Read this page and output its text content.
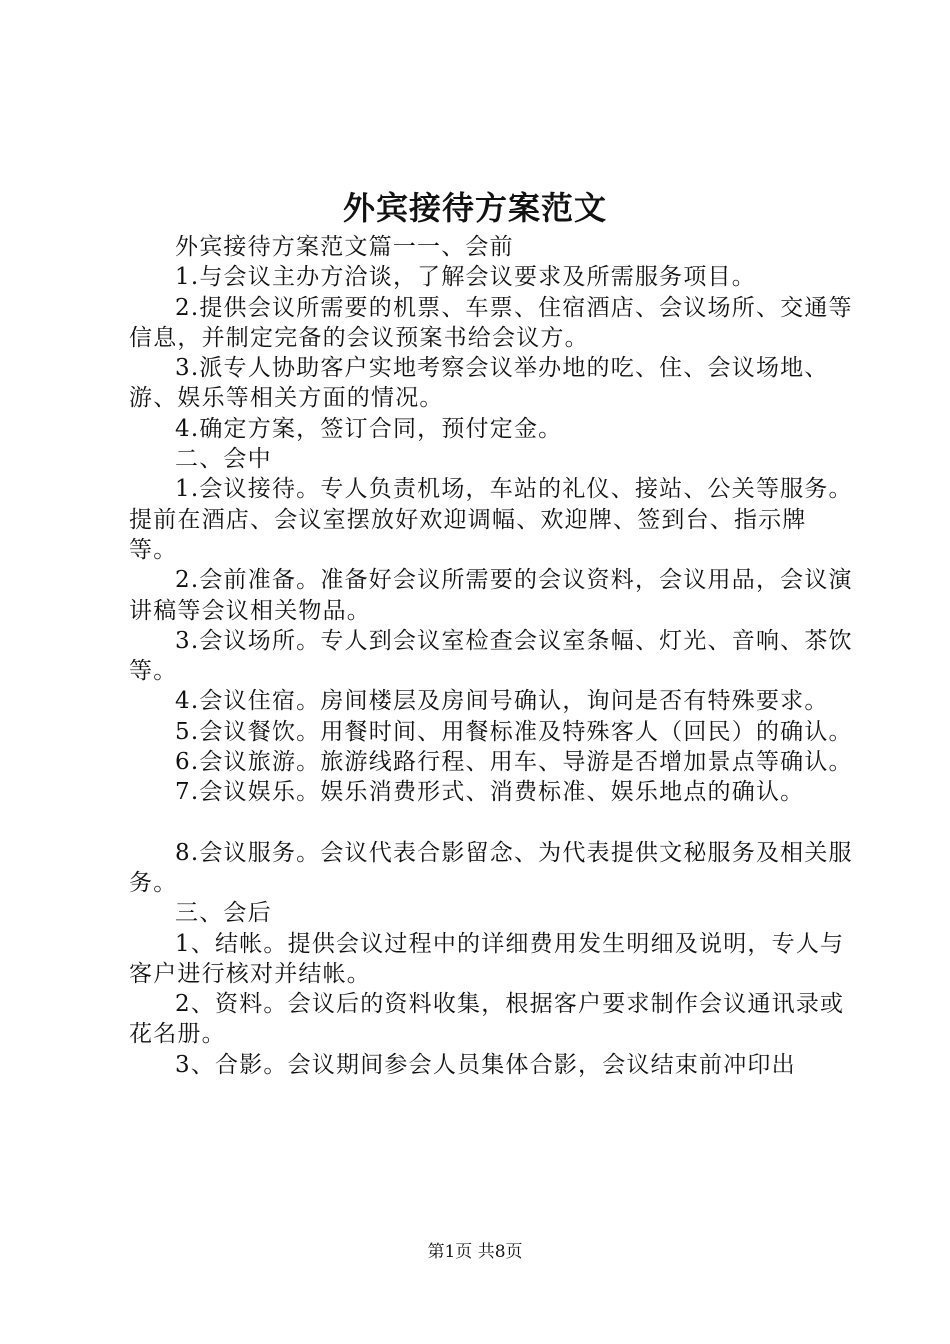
外宾接待方案范文

外宾接待方案范文篇一一、会前

1.与会议主办方洽谈，了解会议要求及所需服务项目。

2.提供会议所需要的机票、车票、住宿酒店、会议场所、交通等信息，并制定完备的会议预案书给会议方。

3.派专人协助客户实地考察会议举办地的吃、住、会议场地、游、娱乐等相关方面的情况。

4.确定方案，签订合同，预付定金。

二、会中

1.会议接待。专人负责机场，车站的礼仪、接站、公关等服务。提前在酒店、会议室摆放好欢迎调幅、欢迎牌、签到台、指示牌等。

2.会前准备。准备好会议所需要的会议资料，会议用品，会议演讲稿等会议相关物品。

3.会议场所。专人到会议室检查会议室条幅、灯光、音响、茶饮等。

4.会议住宿。房间楼层及房间号确认，询问是否有特殊要求。

5.会议餐饮。用餐时间、用餐标准及特殊客人（回民）的确认。

6.会议旅游。旅游线路行程、用车、导游是否增加景点等确认。

7.会议娱乐。娱乐消费形式、消费标准、娱乐地点的确认。

8.会议服务。会议代表合影留念、为代表提供文秘服务及相关服务。

三、会后

1、结帐。提供会议过程中的详细费用发生明细及说明，专人与客户进行核对并结帐。

2、资料。会议后的资料收集，根据客户要求制作会议通讯录或花名册。

3、合影。会议期间参会人员集体合影，会议结束前冲印出

第1页 共8页
